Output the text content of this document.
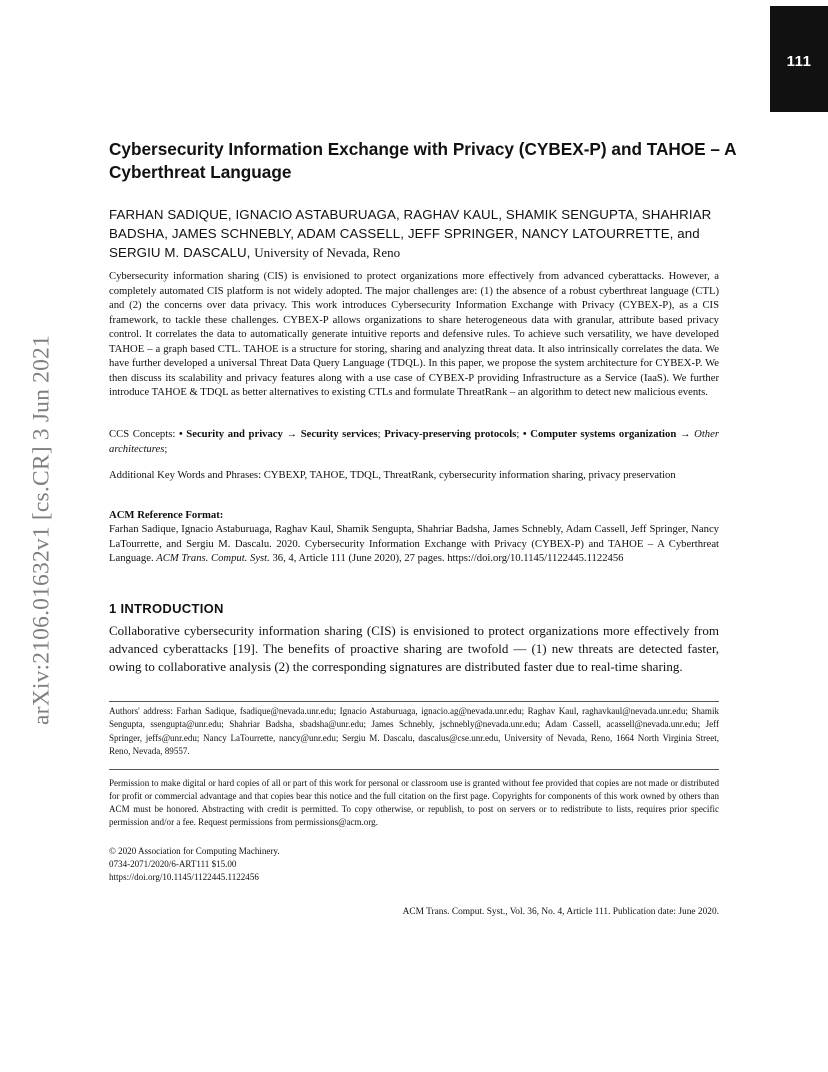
111
arXiv:2106.01632v1 [cs.CR] 3 Jun 2021
Cybersecurity Information Exchange with Privacy (CYBEX-P) and TAHOE – A Cyberthreat Language

FARHAN SADIQUE, IGNACIO ASTABURUAGA, RAGHAV KAUL, SHAMIK SENGUPTA, SHAHRIAR BADSHA, JAMES SCHNEBLY, ADAM CASSELL, JEFF SPRINGER, NANCY LATOURRETTE, and SERGIU M. DASCALU, University of Nevada, Reno

Cybersecurity information sharing (CIS) is envisioned to protect organizations more effectively from advanced cyberattacks. However, a completely automated CIS platform is not widely adopted. The major challenges are: (1) the absence of a robust cyberthreat language (CTL) and (2) the concerns over data privacy. This work introduces Cybersecurity Information Exchange with Privacy (CYBEX-P), as a CIS framework, to tackle these challenges. CYBEX-P allows organizations to share heterogeneous data with granular, attribute based privacy control. It correlates the data to automatically generate intuitive reports and defensive rules. To achieve such versatility, we have developed TAHOE – a graph based CTL. TAHOE is a structure for storing, sharing and analyzing threat data. It also intrinsically correlates the data. We have further developed a universal Threat Data Query Language (TDQL). In this paper, we propose the system architecture for CYBEX-P. We then discuss its scalability and privacy features along with a use case of CYBEX-P providing Infrastructure as a Service (IaaS). We further introduce TAHOE & TDQL as better alternatives to existing CTLs and formulate ThreatRank – an algorithm to detect new malicious events.

CCS Concepts: • Security and privacy → Security services; Privacy-preserving protocols; • Computer systems organization → Other architectures;

Additional Key Words and Phrases: CYBEXP, TAHOE, TDQL, ThreatRank, cybersecurity information sharing, privacy preservation

ACM Reference Format:

Farhan Sadique, Ignacio Astaburuaga, Raghav Kaul, Shamik Sengupta, Shahriar Badsha, James Schnebly, Adam Cassell, Jeff Springer, Nancy LaTourrette, and Sergiu M. Dascalu. 2020. Cybersecurity Information Exchange with Privacy (CYBEX-P) and TAHOE – A Cyberthreat Language. ACM Trans. Comput. Syst. 36, 4, Article 111 (June 2020), 27 pages. https://doi.org/10.1145/1122445.1122456

1 INTRODUCTION

Collaborative cybersecurity information sharing (CIS) is envisioned to protect organizations more effectively from advanced cyberattacks [19]. The benefits of proactive sharing are twofold — (1) new threats are detected faster, owing to collaborative analysis (2) the corresponding signatures are distributed faster due to real-time sharing.

Authors' address: Farhan Sadique, fsadique@nevada.unr.edu; Ignacio Astaburuaga, ignacio.ag@nevada.unr.edu; Raghav Kaul, raghavkaul@nevada.unr.edu; Shamik Sengupta, ssengupta@unr.edu; Shahriar Badsha, sbadsha@unr.edu; James Schnebly, jschnebly@nevada.unr.edu; Adam Cassell, acassell@nevada.unr.edu; Jeff Springer, jeffs@unr.edu; Nancy LaTourrette, nancy@unr.edu; Sergiu M. Dascalu, dascalus@cse.unr.edu, University of Nevada, Reno, 1664 North Virginia Street, Reno, Nevada, 89557.

Permission to make digital or hard copies of all or part of this work for personal or classroom use is granted without fee provided that copies are not made or distributed for profit or commercial advantage and that copies bear this notice and the full citation on the first page. Copyrights for components of this work owned by others than ACM must be honored. Abstracting with credit is permitted. To copy otherwise, or republish, to post on servers or to redistribute to lists, requires prior specific permission and/or a fee. Request permissions from permissions@acm.org.

© 2020 Association for Computing Machinery.

0734-2071/2020/6-ART111 $15.00

https://doi.org/10.1145/1122445.1122456

ACM Trans. Comput. Syst., Vol. 36, No. 4, Article 111. Publication date: June 2020.
